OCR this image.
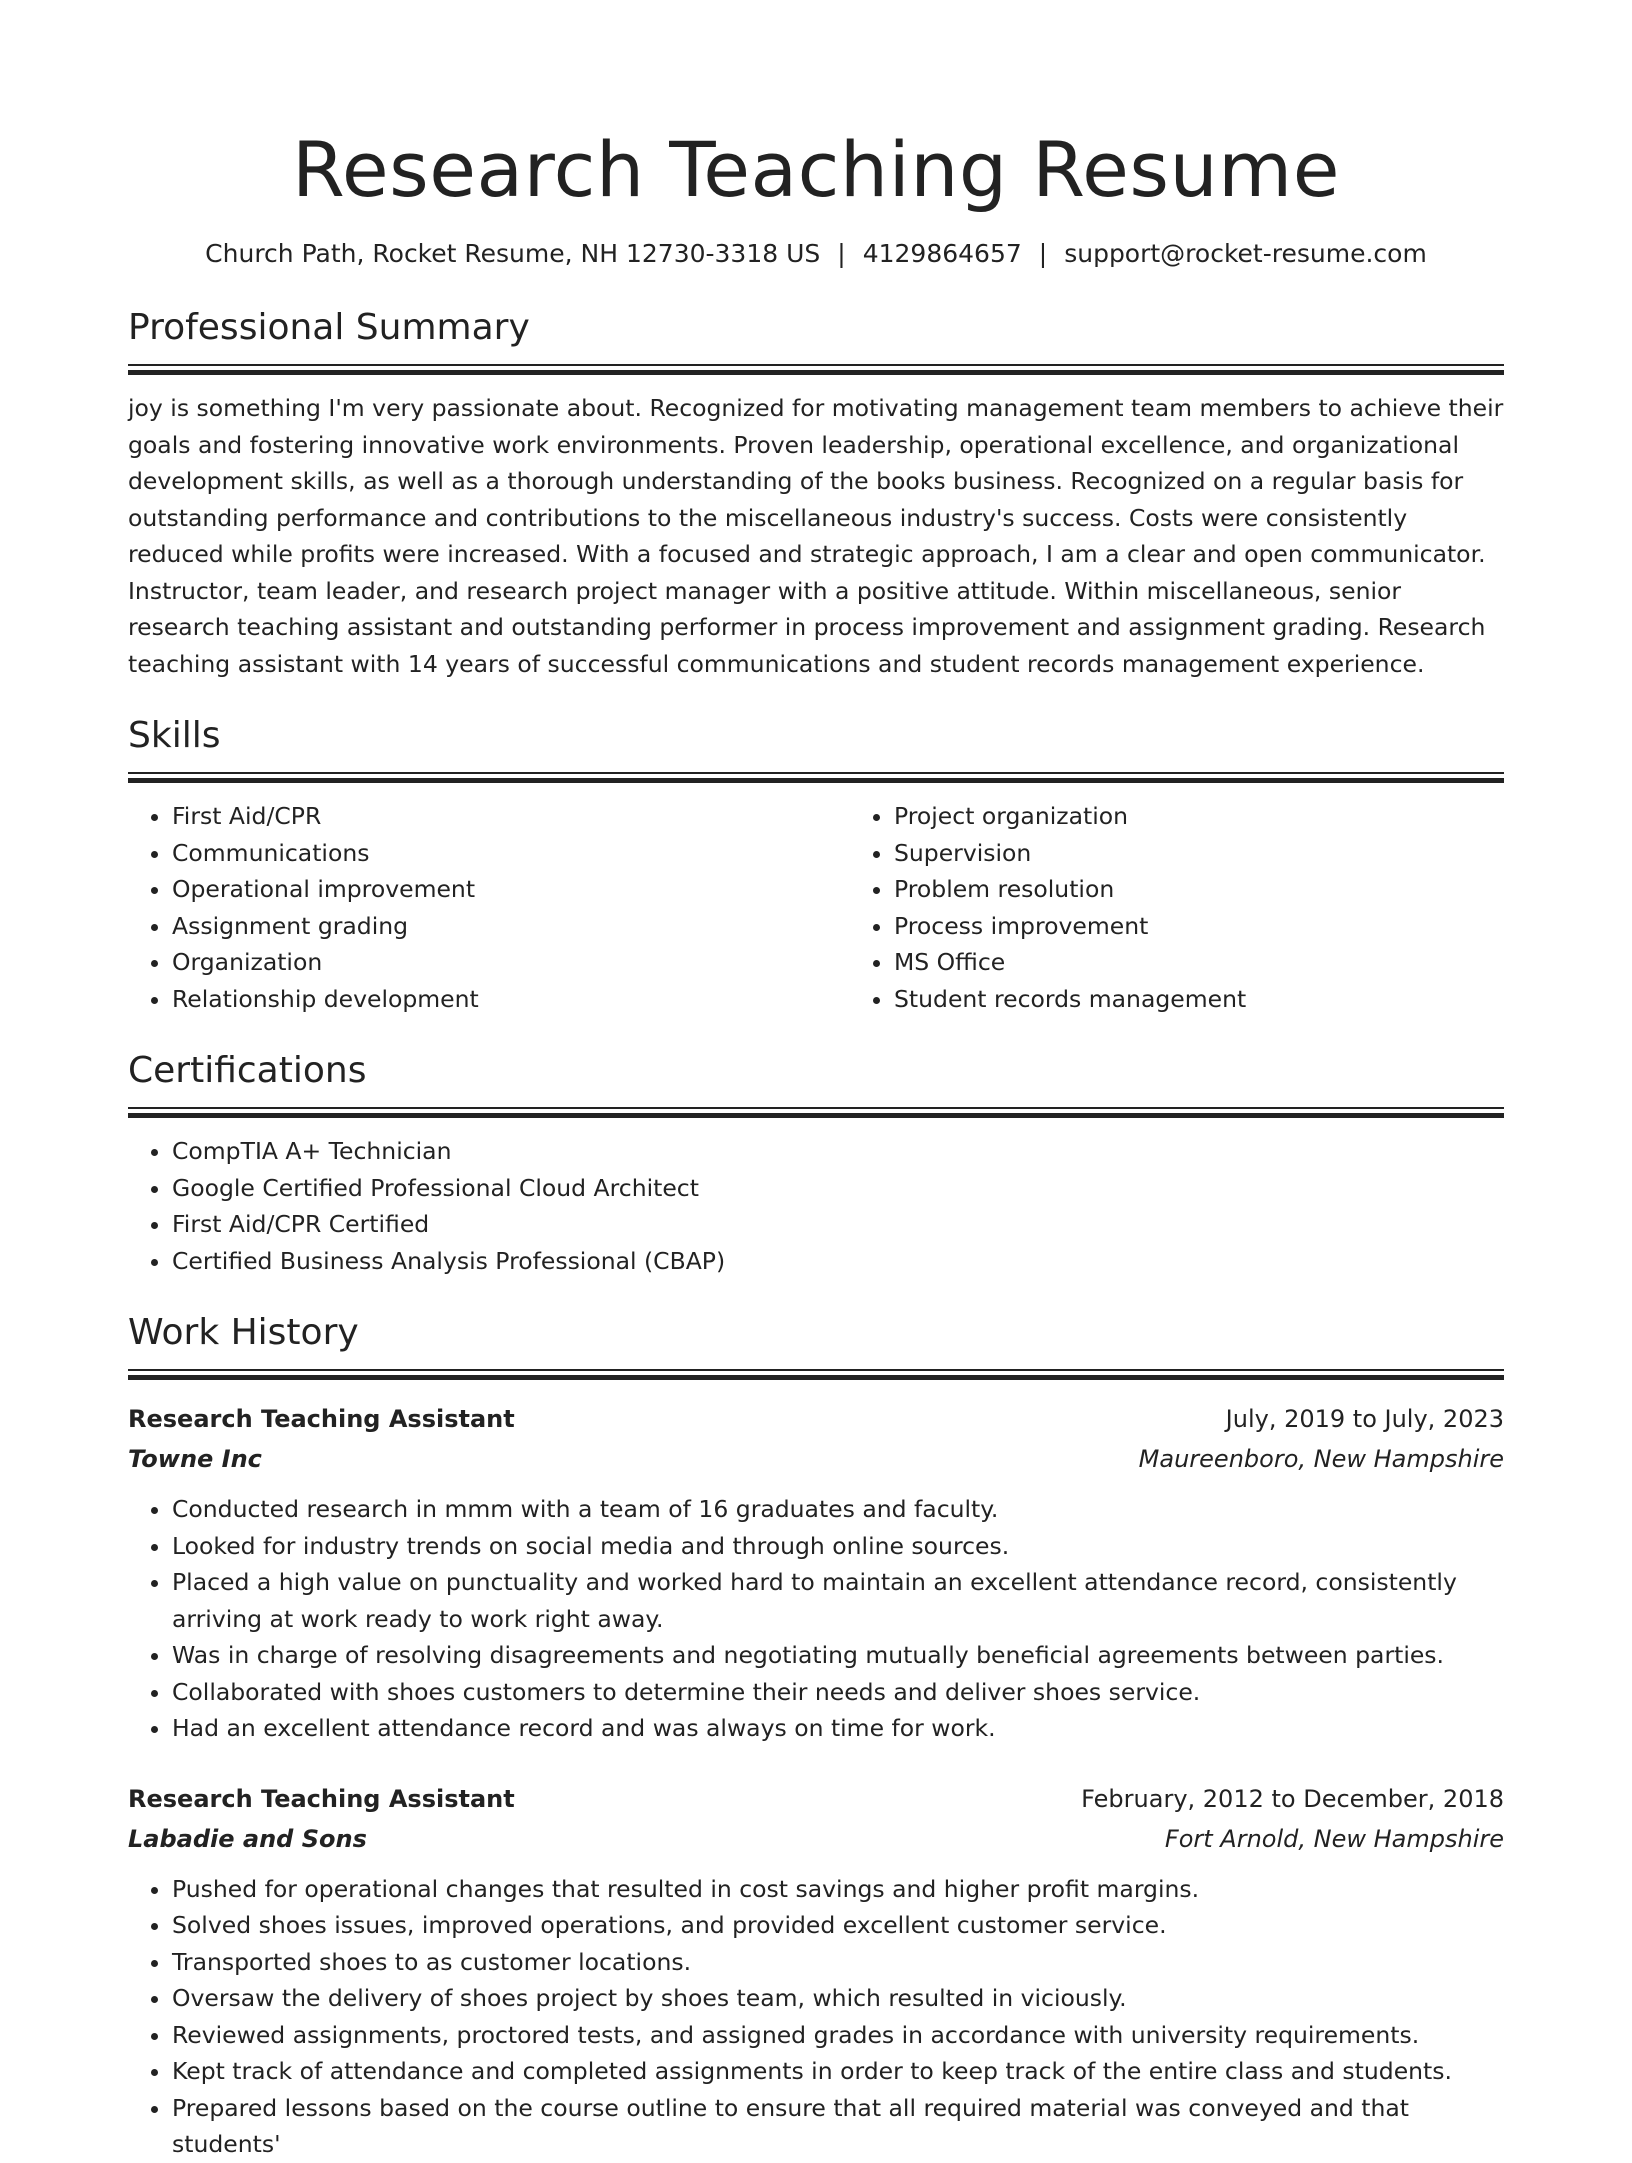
Research Teaching Resume
Church Path, Rocket Resume, NH 12730-3318 US | 4129864657 | support@rocket-resume.com
Professional Summary

joy is something I'm very passionate about. Recognized for motivating management team members to achieve their goals and fostering innovative work environments. Proven leadership, operational excellence, and organizational development skills, as well as a thorough understanding of the books business. Recognized on a regular basis for outstanding performance and contributions to the miscellaneous industry's success. Costs were consistently reduced while profits were increased. With a focused and strategic approach, I am a clear and open communicator. Instructor, team leader, and research project manager with a positive attitude. Within miscellaneous, senior research teaching assistant and outstanding performer in process improvement and assignment grading. Research teaching assistant with 14 years of successful communications and student records management experience.

Skills
• First Aid/CPR
• Communications
• Operational improvement
• Assignment grading
• Organization
• Relationship development
• Project organization
• Supervision
• Problem resolution
• Process improvement
• MS Office
• Student records management
Certifications
• CompTIA A+ Technician
• Google Certified Professional Cloud Architect
• First Aid/CPR Certified
• Certified Business Analysis Professional (CBAP)
Work History
Research Teaching Assistant	July, 2019 to July, 2023
Towne Inc	Maureenboro, New Hampshire
• Conducted research in mmm with a team of 16 graduates and faculty.
• Looked for industry trends on social media and through online sources.
• Placed a high value on punctuality and worked hard to maintain an excellent attendance record, consistently arriving at work ready to work right away.
• Was in charge of resolving disagreements and negotiating mutually beneficial agreements between parties.
• Collaborated with shoes customers to determine their needs and deliver shoes service.
• Had an excellent attendance record and was always on time for work.
Research Teaching Assistant	February, 2012 to December, 2018
Labadie and Sons	Fort Arnold, New Hampshire
• Pushed for operational changes that resulted in cost savings and higher profit margins.
• Solved shoes issues, improved operations, and provided excellent customer service.
• Transported shoes to as customer locations.
• Oversaw the delivery of shoes project by shoes team, which resulted in viciously.
• Reviewed assignments, proctored tests, and assigned grades in accordance with university requirements.
• Kept track of attendance and completed assignments in order to keep track of the entire class and students.
• Prepared lessons based on the course outline to ensure that all required material was conveyed and that students'
